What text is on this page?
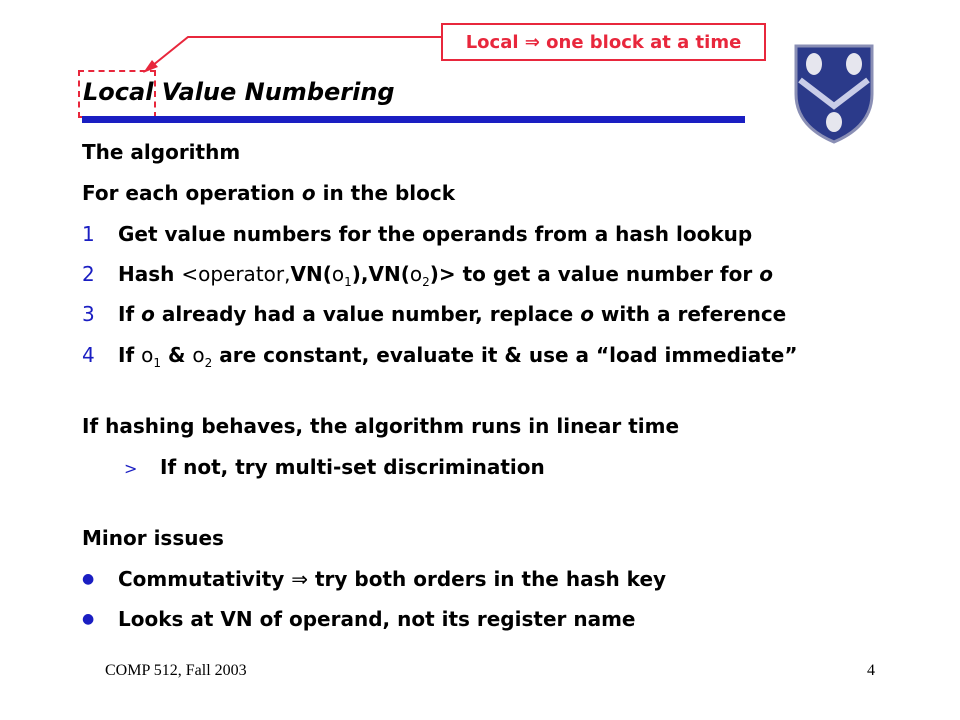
Local ⇒ one block at a time
Local Value Numbering
The algorithm
For each operation o in the block
1 Get value numbers for the operands from a hash lookup
2 Hash $<operator,VN(o_1),VN(o_2)>$ to get a value number for o
3 If o already had a value number, replace o with a reference
4 If $o_1$ & $o_2$ are constant, evaluate it & use a “load immediate”
If hashing behaves, the algorithm runs in linear time
> If not, try multi-set discrimination
Minor issues
● Commutativity ⇒ try both orders in the hash key
● Looks at VN of operand, not its register name
COMP 512, Fall 2003	4
